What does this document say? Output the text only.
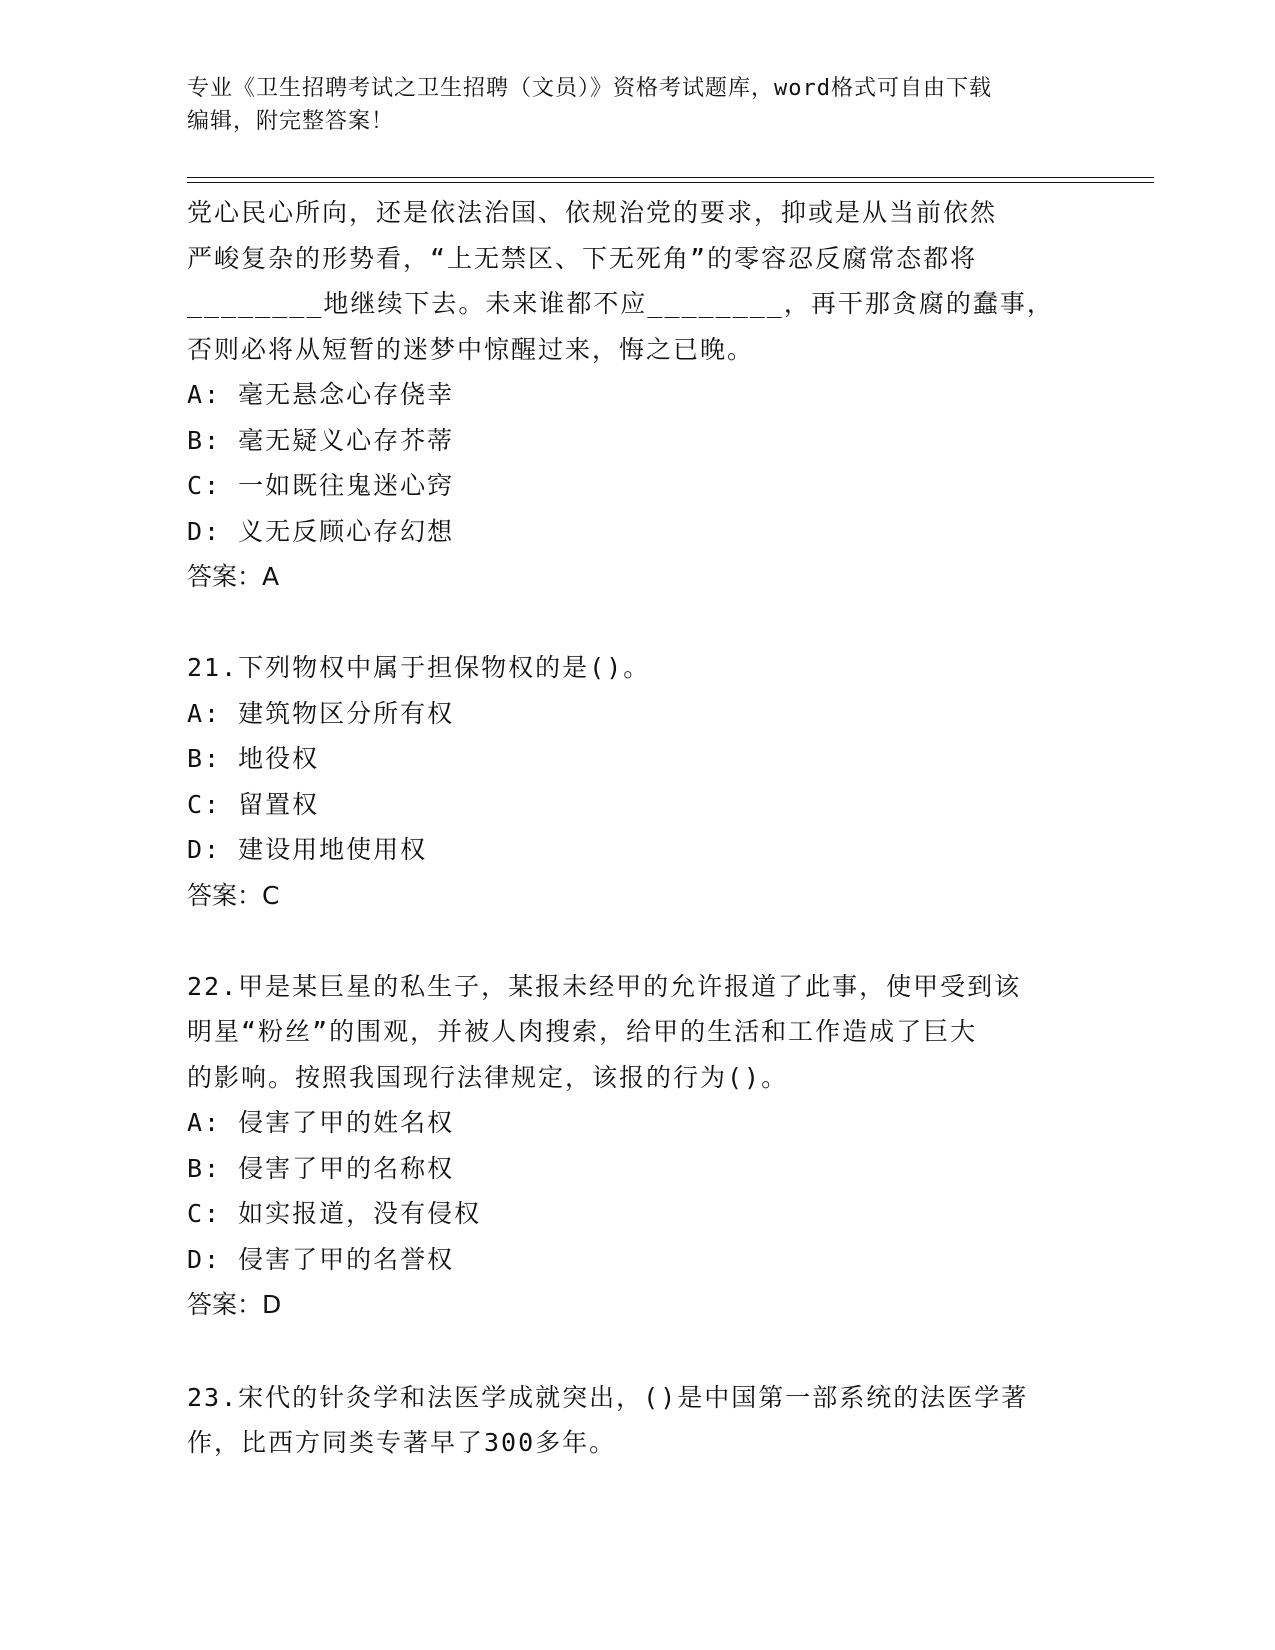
专业《卫生招聘考试之卫生招聘（文员）》资格考试题库，word格式可自由下载
编辑，附完整答案！
党心民心所向，还是依法治国、依规治党的要求，抑或是从当前依然
严峻复杂的形势看，“上无禁区、下无死角”的零容忍反腐常态都将
________地继续下去。未来谁都不应________，再干那贪腐的蠢事，
否则必将从短暂的迷梦中惊醒过来，悔之已晚。
A: 毫无悬念心存侥幸
B: 毫无疑义心存芥蒂
C: 一如既往鬼迷心窍
D: 义无反顾心存幻想
答案：A
21.下列物权中属于担保物权的是()。
A: 建筑物区分所有权
B: 地役权
C: 留置权
D: 建设用地使用权
答案：C
22.甲是某巨星的私生子，某报未经甲的允许报道了此事，使甲受到该
明星“粉丝”的围观，并被人肉搜索，给甲的生活和工作造成了巨大
的影响。按照我国现行法律规定，该报的行为()。
A: 侵害了甲的姓名权
B: 侵害了甲的名称权
C: 如实报道，没有侵权
D: 侵害了甲的名誉权
答案：D
23.宋代的针灸学和法医学成就突出，()是中国第一部系统的法医学著
作，比西方同类专著早了300多年。
